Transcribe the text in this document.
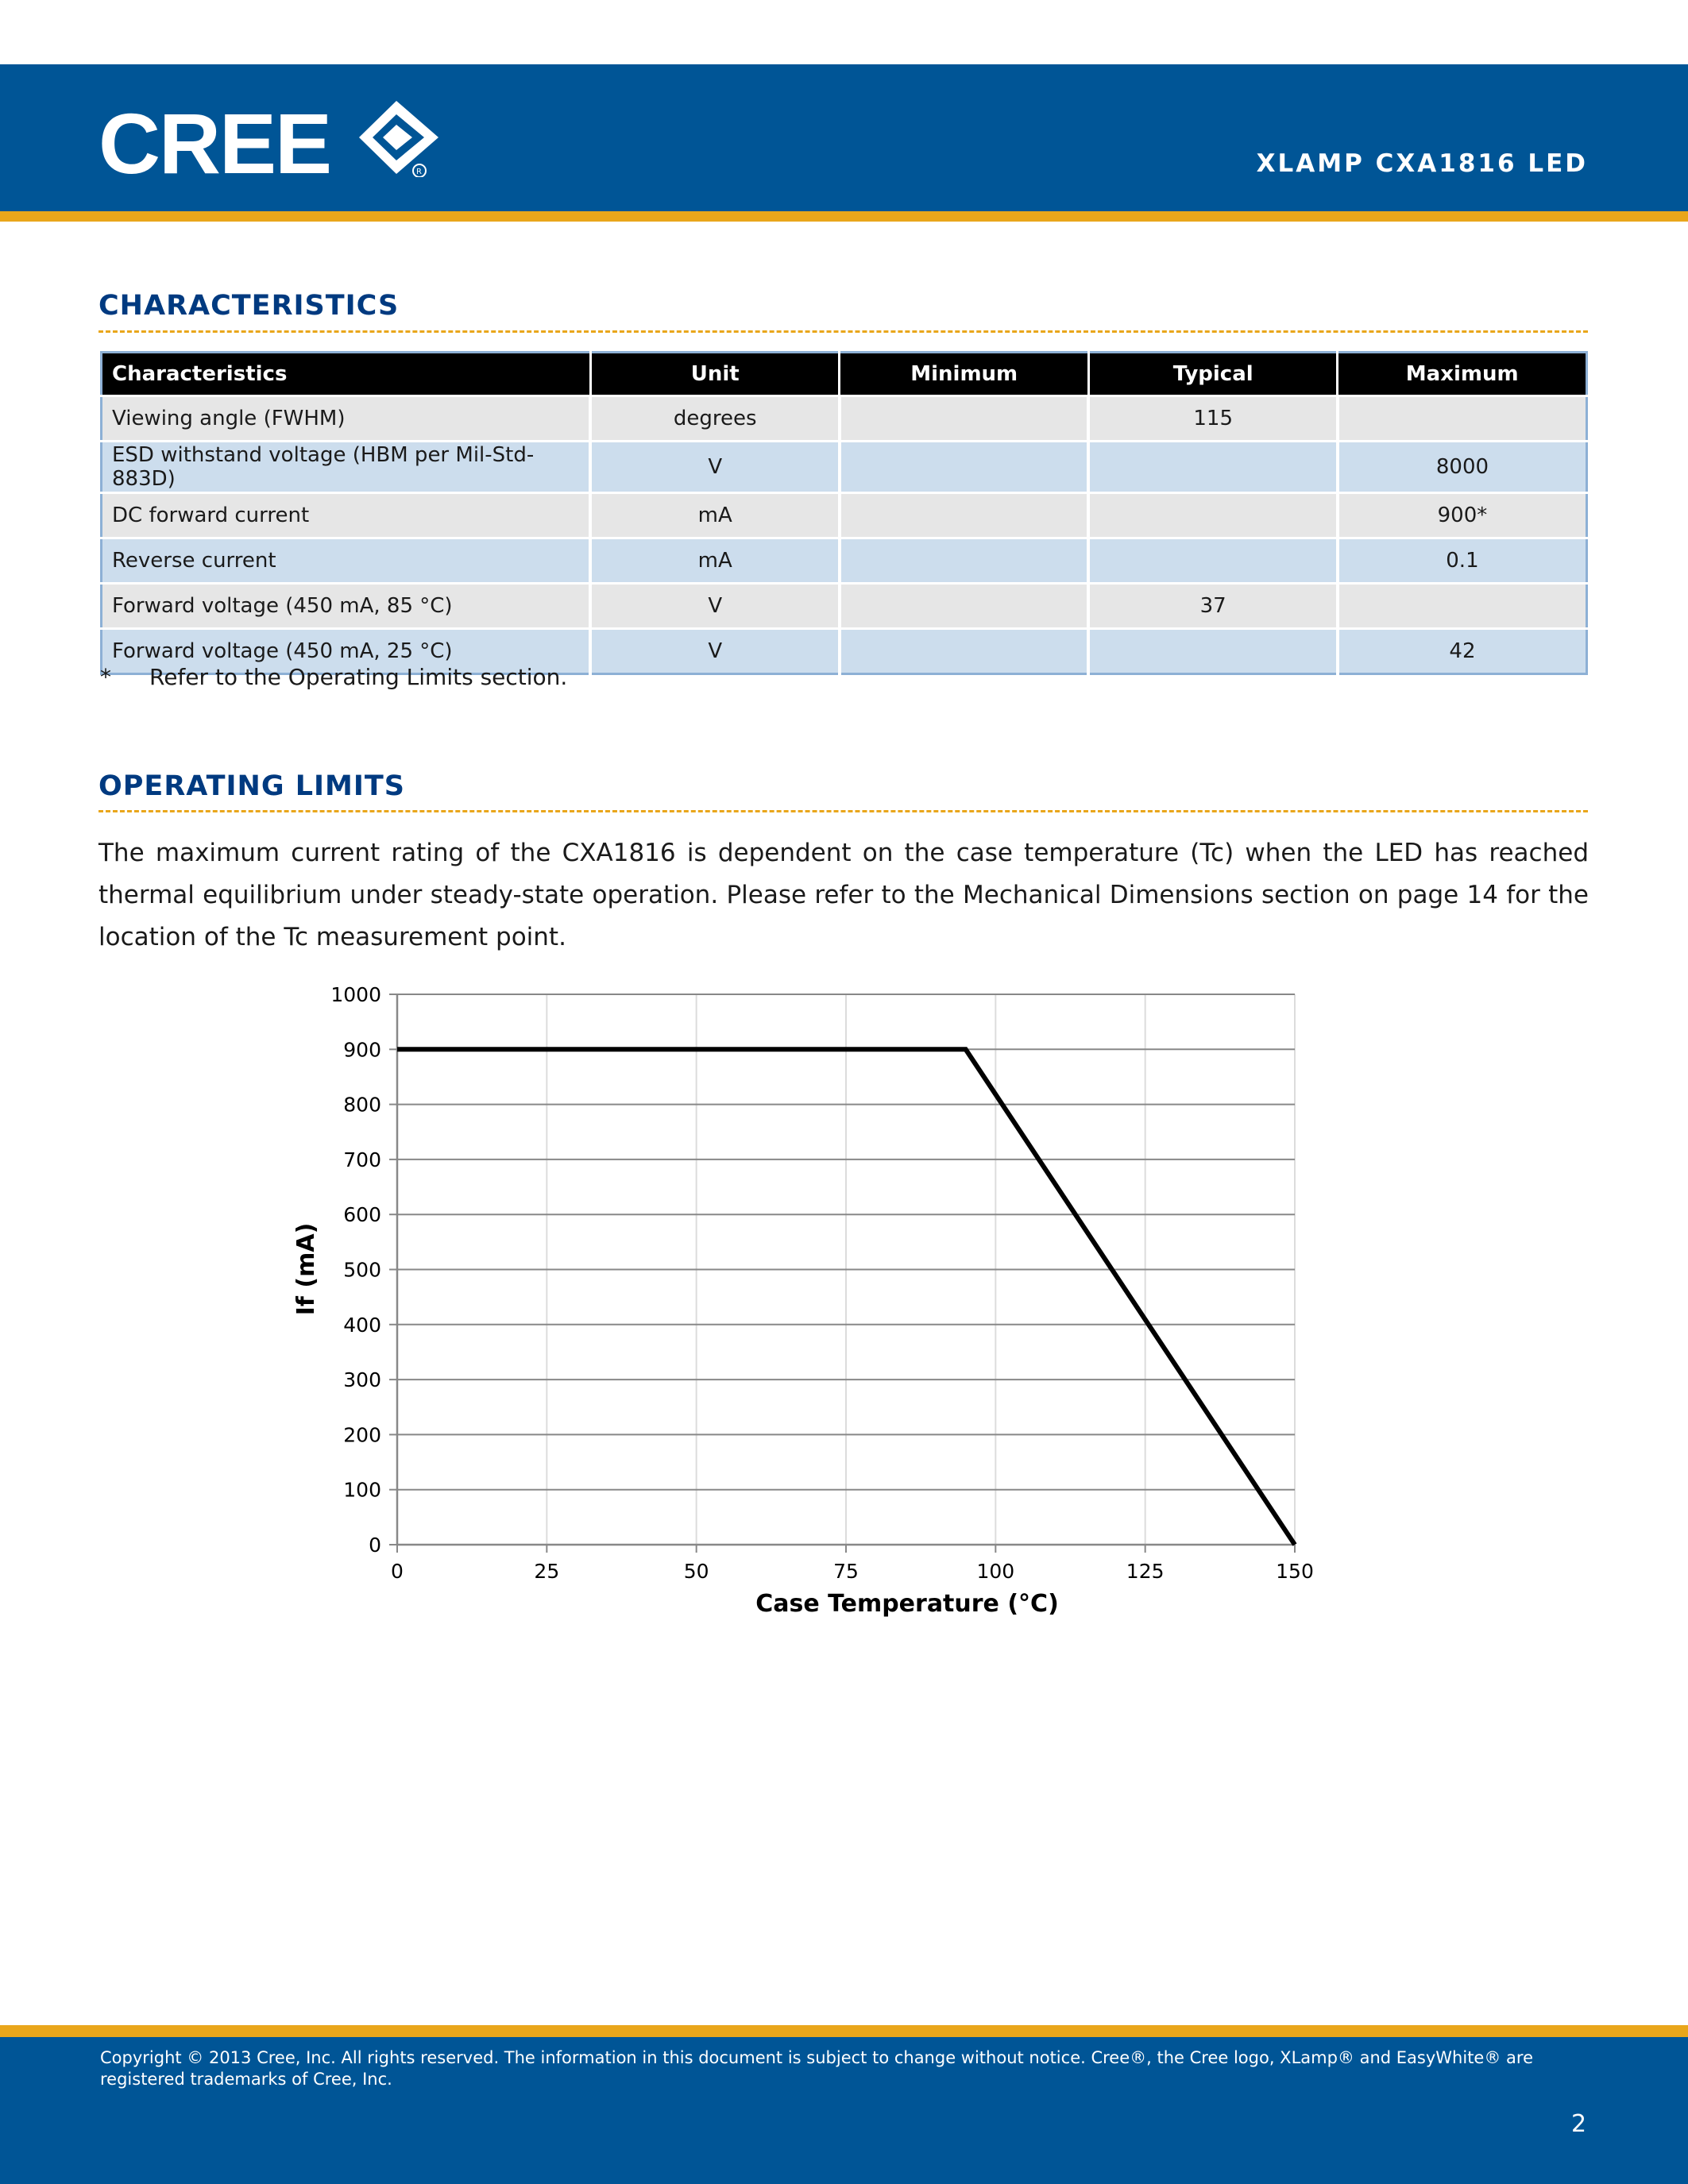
CREE	R	XLAMP CXA1816 LED
CHARACTERISTICS
Characteristics	Unit	Minimum	Typical	Maximum
Viewing angle (FWHM)	degrees		115	
ESD withstand voltage (HBM per Mil-Std-883D)	V			8000
DC forward current	mA			900*
Reverse current	mA			0.1
Forward voltage (450 mA, 85 °C)	V		37	
Forward voltage (450 mA, 25 °C)	V			42
* Refer to the Operating Limits section.
OPERATING LIMITS
The maximum current rating of the CXA1816 is dependent on the case temperature (Tc) when the LED has reached thermal equilibrium under steady-state operation. Please refer to the Mechanical Dimensions section on page 14 for the location of the Tc measurement point.
0
100
200
300
400
500
600
700
800
900
1000
0	25	50	75	100	125	150
Case Temperature (°C)
If (mA)
Copyright © 2013 Cree, Inc. All rights reserved. The information in this document is subject to change without notice. Cree®, the Cree logo, XLamp® and EasyWhite® are registered trademarks of Cree, Inc.
2
